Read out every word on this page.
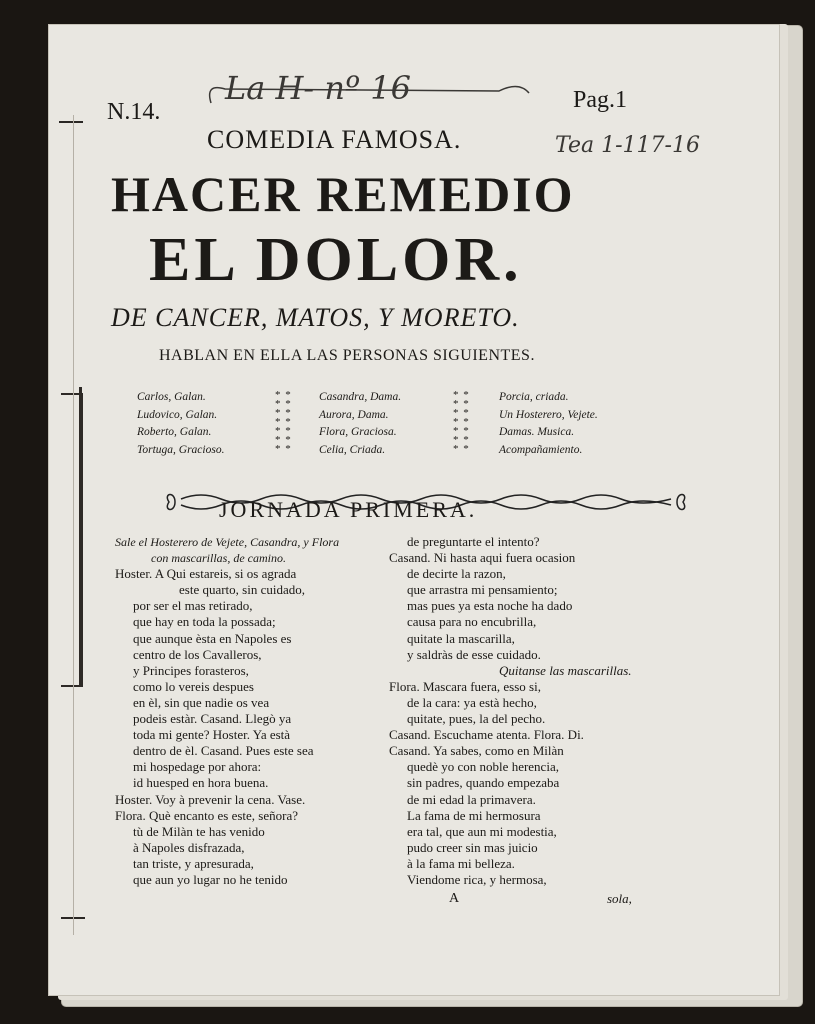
La H- nº 16
Tea 1-117-16
N.14.	Pag.1
COMEDIA FAMOSA.
HACER REMEDIO
EL DOLOR.
DE CANCER, MATOS, Y MORETO.
HABLAN EN ELLA LAS PERSONAS SIGUIENTES.
Carlos, Galan.
Ludovico, Galan.
Roberto, Galan.
Tortuga, Gracioso.
* *
* *
* *
* *
* *
* *
* *
Casandra, Dama.
Aurora, Dama.
Flora, Graciosa.
Celia, Criada.
* *
* *
* *
* *
* *
* *
* *
Porcia, criada.
Un Hosterero, Vejete.
Damas. Musica.
Acompañamiento.
JORNADA PRIMERA.
Sale el Hosterero de Vejete, Casandra, y Flora
con mascarillas, de camino.
Hoster. A Qui estareis, si os agrada
este quarto, sin cuidado,
por ser el mas retirado,
que hay en toda la possada;
que aunque èsta en Napoles es
centro de los Cavalleros,
y Principes forasteros,
como lo vereis despues
en èl, sin que nadie os vea
podeis estàr. Casand. Llegò ya
toda mi gente? Hoster. Ya està
dentro de èl. Casand. Pues este sea
mi hospedage por ahora:
id huesped en hora buena.
Hoster. Voy à prevenir la cena. Vase.
Flora. Què encanto es este, señora?
tù de Milàn te has venido
à Napoles disfrazada,
tan triste, y apresurada,
que aun yo lugar no he tenido
de preguntarte el intento?
Casand. Ni hasta aqui fuera ocasion
de decirte la razon,
que arrastra mi pensamiento;
mas pues ya esta noche ha dado
causa para no encubrilla,
quitate la mascarilla,
y saldràs de esse cuidado.
Quitanse las mascarillas.
Flora. Mascara fuera, esso si,
de la cara: ya està hecho,
quitate, pues, la del pecho.
Casand. Escuchame atenta. Flora. Di.
Casand. Ya sabes, como en Milàn
quedè yo con noble herencia,
sin padres, quando empezaba
de mi edad la primavera.
La fama de mi hermosura
era tal, que aun mi modestia,
pudo creer sin mas juicio
à la fama mi belleza.
Viendome rica, y hermosa,
A	sola,
